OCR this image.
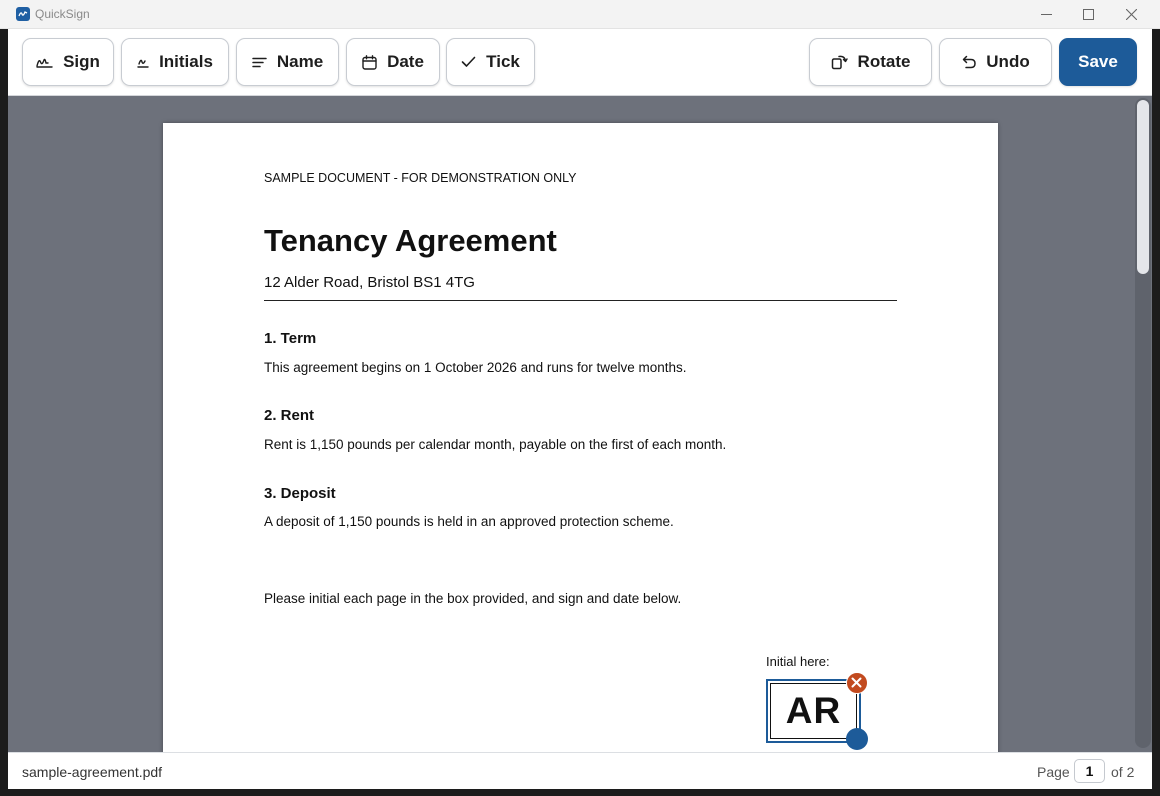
QuickSign
Sign	Initials	Name	Date	Tick	Rotate	Undo	Save
SAMPLE DOCUMENT - FOR DEMONSTRATION ONLY
Tenancy Agreement
12 Alder Road, Bristol BS1 4TG
1. Term
This agreement begins on 1 October 2026 and runs for twelve months.
2. Rent
Rent is 1,150 pounds per calendar month, payable on the first of each month.
3. Deposit
A deposit of 1,150 pounds is held in an approved protection scheme.
Please initial each page in the box provided, and sign and date below.
Initial here:
AR
sample-agreement.pdf	Page	1	of 2
